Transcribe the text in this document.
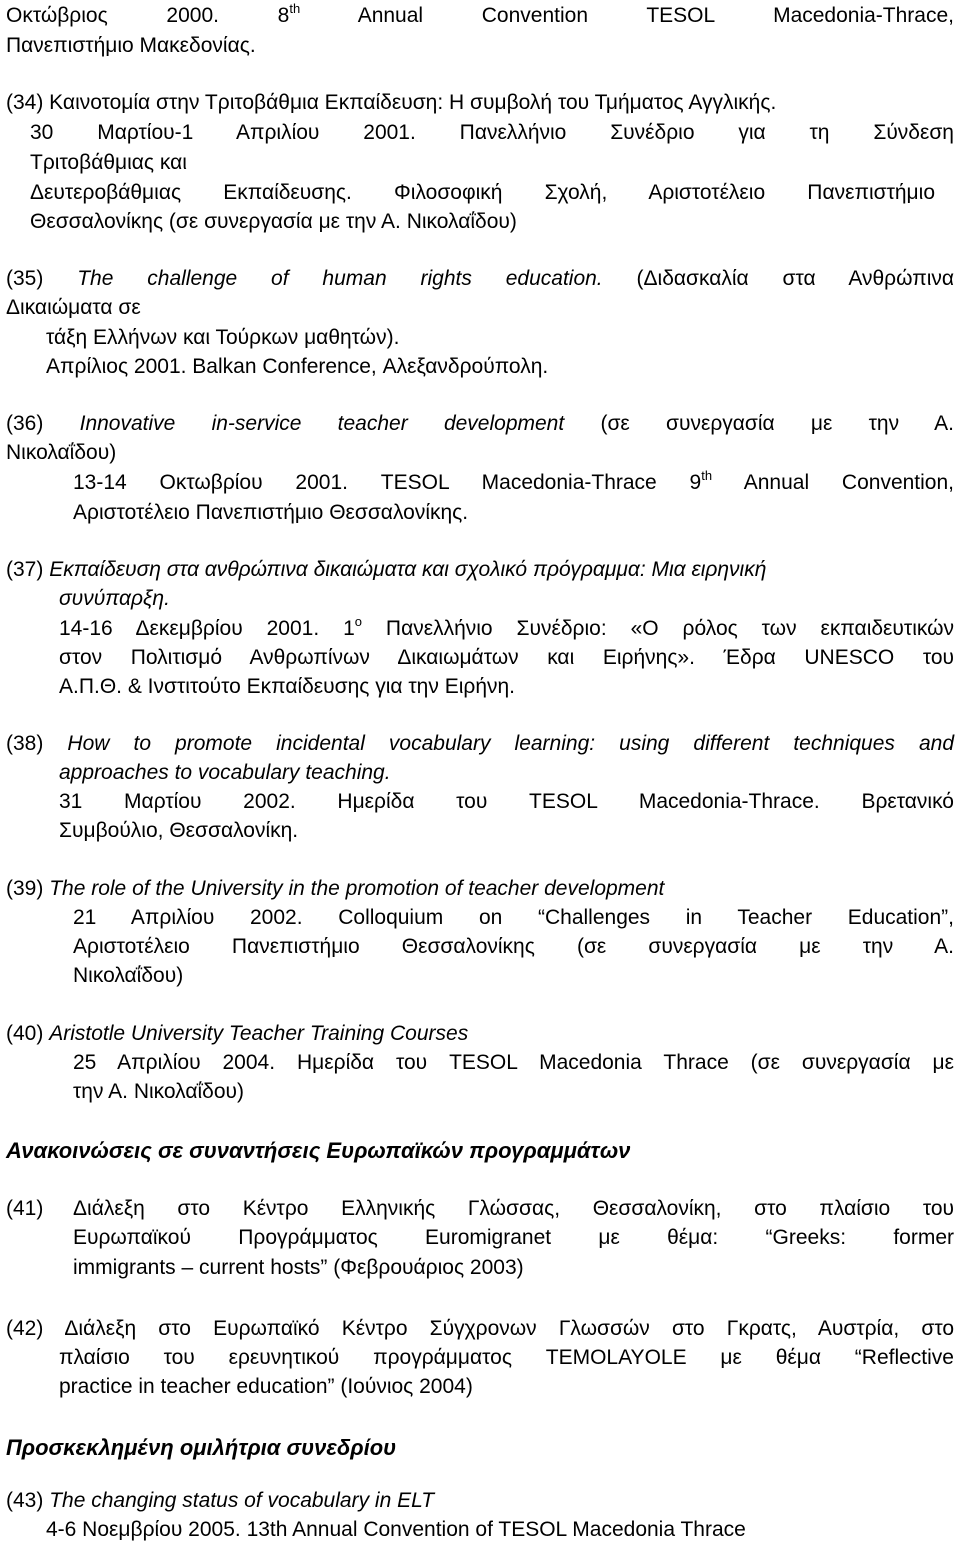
Οκτώβριος 2000. 8th Annual Convention TESOL Macedonia-Thrace,
Πανεπιστήμιο Μακεδονίας.
(34) Καινοτομία στην Τριτοβάθμια Εκπαίδευση: Η συμβολή του Τμήματος Αγγλικής.
30 Μαρτίου-1 Απριλίου 2001. Πανελλήνιο Συνέδριο για τη Σύνδεση
Τριτοβάθμιας και
Δευτεροβάθμιας Εκπαίδευσης. Φιλοσοφική Σχολή, Αριστοτέλειο Πανεπιστήμιο
Θεσσαλονίκης (σε συνεργασία με την Α. Νικολαΐδου)
(35) The challenge of human rights education. (Διδασκαλία στα Ανθρώπινα
Δικαιώματα σε
τάξη Ελλήνων και Τούρκων μαθητών).
Απρίλιος 2001. Balkan Conference, Αλεξανδρούπολη.
(36) Innovative in-service teacher development (σε συνεργασία με την Α.
Νικολαΐδου)
13-14 Οκτωβρίου 2001. TESOL Macedonia-Thrace 9th Annual Convention,
Αριστοτέλειο Πανεπιστήμιο Θεσσαλονίκης.
(37) Εκπαίδευση στα ανθρώπινα δικαιώματα και σχολικό πρόγραμμα: Μια ειρηνική
συνύπαρξη.
14-16 Δεκεμβρίου 2001. $1^o$ Πανελλήνιο Συνέδριο: «Ο ρόλος των εκπαιδευτικών
στον Πολιτισμό Ανθρωπίνων Δικαιωμάτων και Ειρήνης». Έδρα UNESCO του
Α.Π.Θ. & Ινστιτούτο Εκπαίδευσης για την Ειρήνη.
(38) How to promote incidental vocabulary learning: using different techniques and
approaches to vocabulary teaching.
31 Μαρτίου 2002. Ημερίδα του TESOL Macedonia-Thrace. Βρετανικό
Συμβούλιο, Θεσσαλονίκη.
(39) The role of the University in the promotion of teacher development
21 Απριλίου 2002. Colloquium on “Challenges in Teacher Education”,
Αριστοτέλειο Πανεπιστήμιο Θεσσαλονίκης (σε συνεργασία με την Α.
Νικολαΐδου)
(40) Aristotle University Teacher Training Courses
25 Απριλίου 2004. Ημερίδα του TESOL Macedonia Thrace (σε συνεργασία με
την Α. Νικολαΐδου)
Ανακοινώσεις σε συναντήσεις Ευρωπαϊκών προγραμμάτων
(41) Διάλεξη στο Κέντρο Ελληνικής Γλώσσας, Θεσσαλονίκη, στο πλαίσιο του
Ευρωπαϊκού Προγράμματος Euromigranet με θέμα: “Greeks: former
immigrants – current hosts” (Φεβρουάριος 2003)
(42) Διάλεξη στο Ευρωπαϊκό Κέντρο Σύγχρονων Γλωσσών στο Γκρατς, Αυστρία, στο
πλαίσιο του ερευνητικού προγράμματος TEMOLAYOLE με θέμα “Reflective
practice in teacher education” (Ιούνιος 2004)
Προσκεκλημένη ομιλήτρια συνεδρίου
(43) The changing status of vocabulary in ELT
4-6 Νοεμβρίου 2005. 13th Annual Convention of TESOL Macedonia Thrace
